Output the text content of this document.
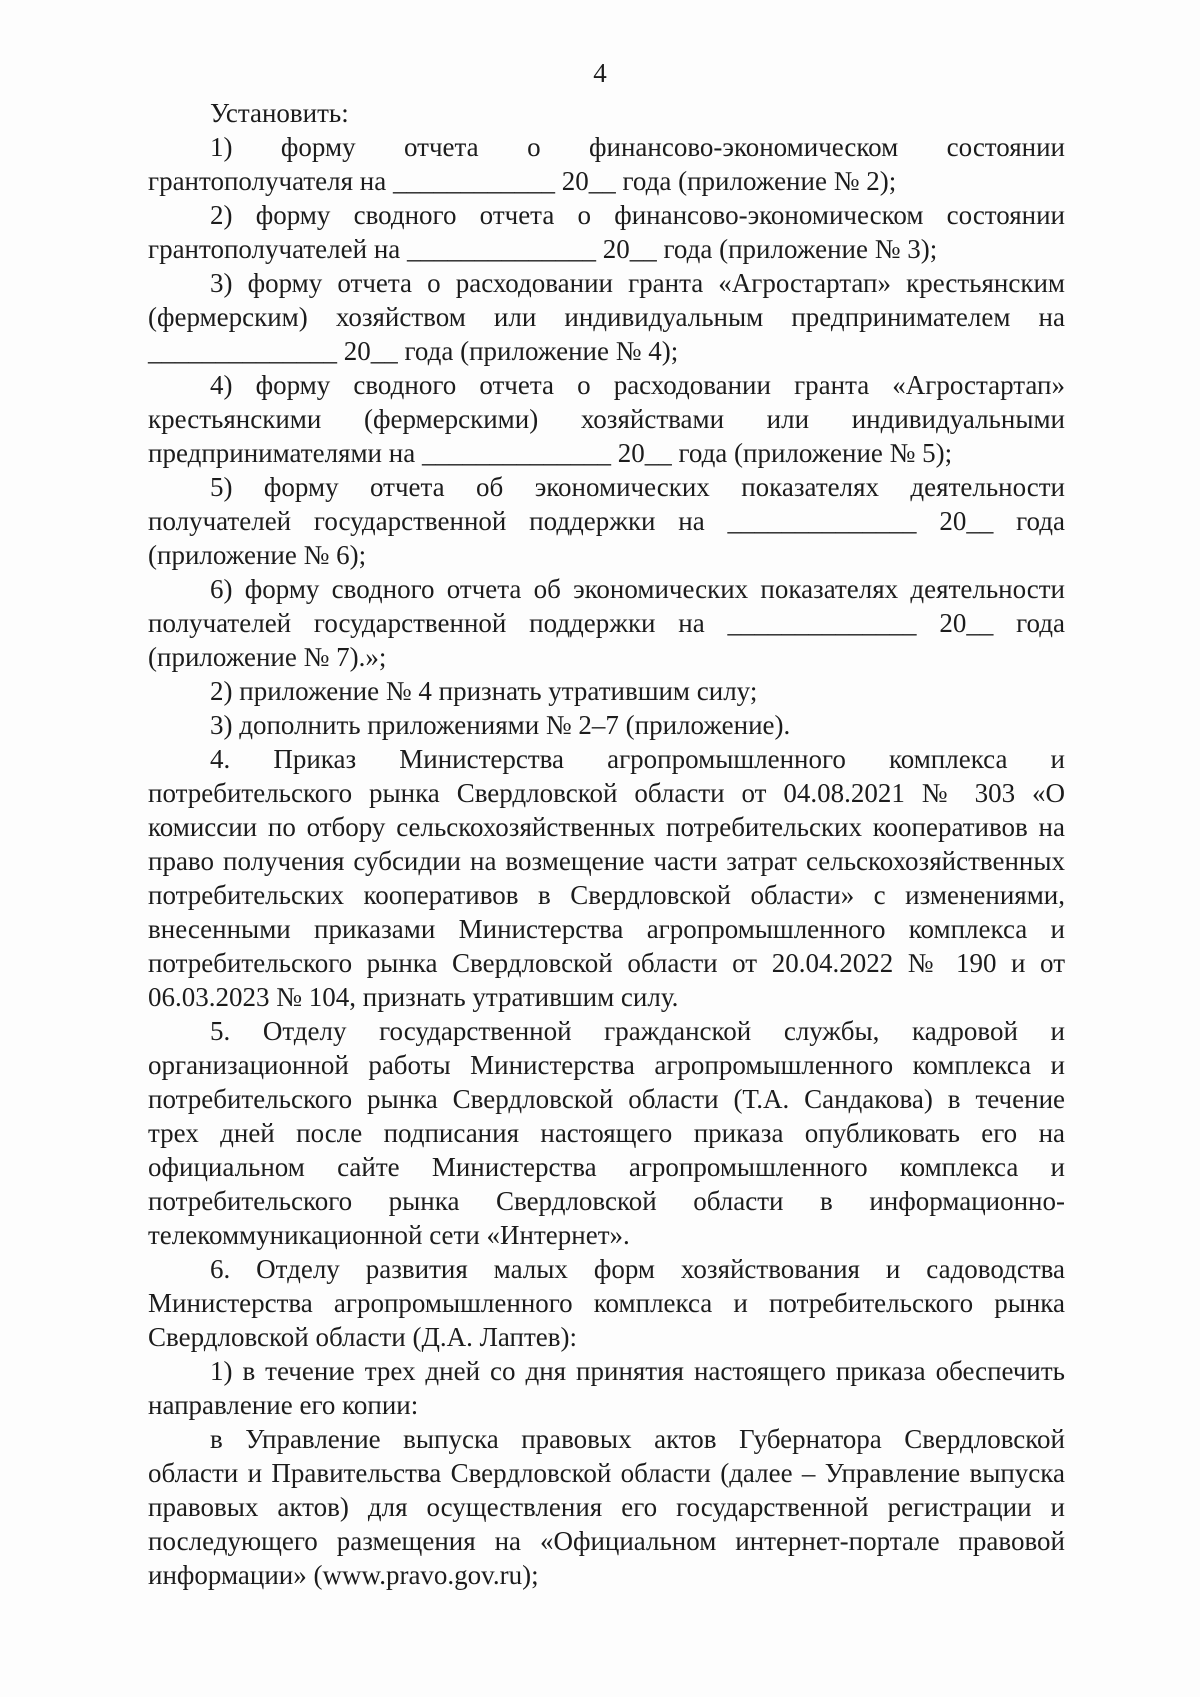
4

Установить:

1) форму отчета о финансово-экономическом состоянии грантополучателя на ____________ 20__ года (приложение № 2);

2) форму сводного отчета о финансово-экономическом состоянии грантополучателей на ______________ 20__ года (приложение № 3);

3) форму отчета о расходовании гранта «Агростартап» крестьянским (фермерским) хозяйством или индивидуальным предпринимателем на ______________ 20__ года (приложение № 4);

4) форму сводного отчета о расходовании гранта «Агростартап» крестьянскими (фермерскими) хозяйствами или индивидуальными предпринимателями на ______________ 20__ года (приложение № 5);

5) форму отчета об экономических показателях деятельности получателей государственной поддержки на ______________ 20__ года (приложение № 6);

6) форму сводного отчета об экономических показателях деятельности получателей государственной поддержки на ______________ 20__ года (приложение № 7).»;

2) приложение № 4 признать утратившим силу;

3) дополнить приложениями № 2–7 (приложение).

4. Приказ Министерства агропромышленного комплекса и потребительского рынка Свердловской области от 04.08.2021 № 303 «О комиссии по отбору сельскохозяйственных потребительских кооперативов на право получения субсидии на возмещение части затрат сельскохозяйственных потребительских кооперативов в Свердловской области» с изменениями, внесенными приказами Министерства агропромышленного комплекса и потребительского рынка Свердловской области от 20.04.2022 № 190 и от 06.03.2023 № 104, признать утратившим силу.

5. Отделу государственной гражданской службы, кадровой и организационной работы Министерства агропромышленного комплекса и потребительского рынка Свердловской области (Т.А. Сандакова) в течение трех дней после подписания настоящего приказа опубликовать его на официальном сайте Министерства агропромышленного комплекса и потребительского рынка Свердловской области в информационно-телекоммуникационной сети «Интернет».

6. Отделу развития малых форм хозяйствования и садоводства Министерства агропромышленного комплекса и потребительского рынка Свердловской области (Д.А. Лаптев):

1) в течение трех дней со дня принятия настоящего приказа обеспечить направление его копии:

в Управление выпуска правовых актов Губернатора Свердловской области и Правительства Свердловской области (далее – Управление выпуска правовых актов) для осуществления его государственной регистрации и последующего размещения на «Официальном интернет-портале правовой информации» (www.pravo.gov.ru);
